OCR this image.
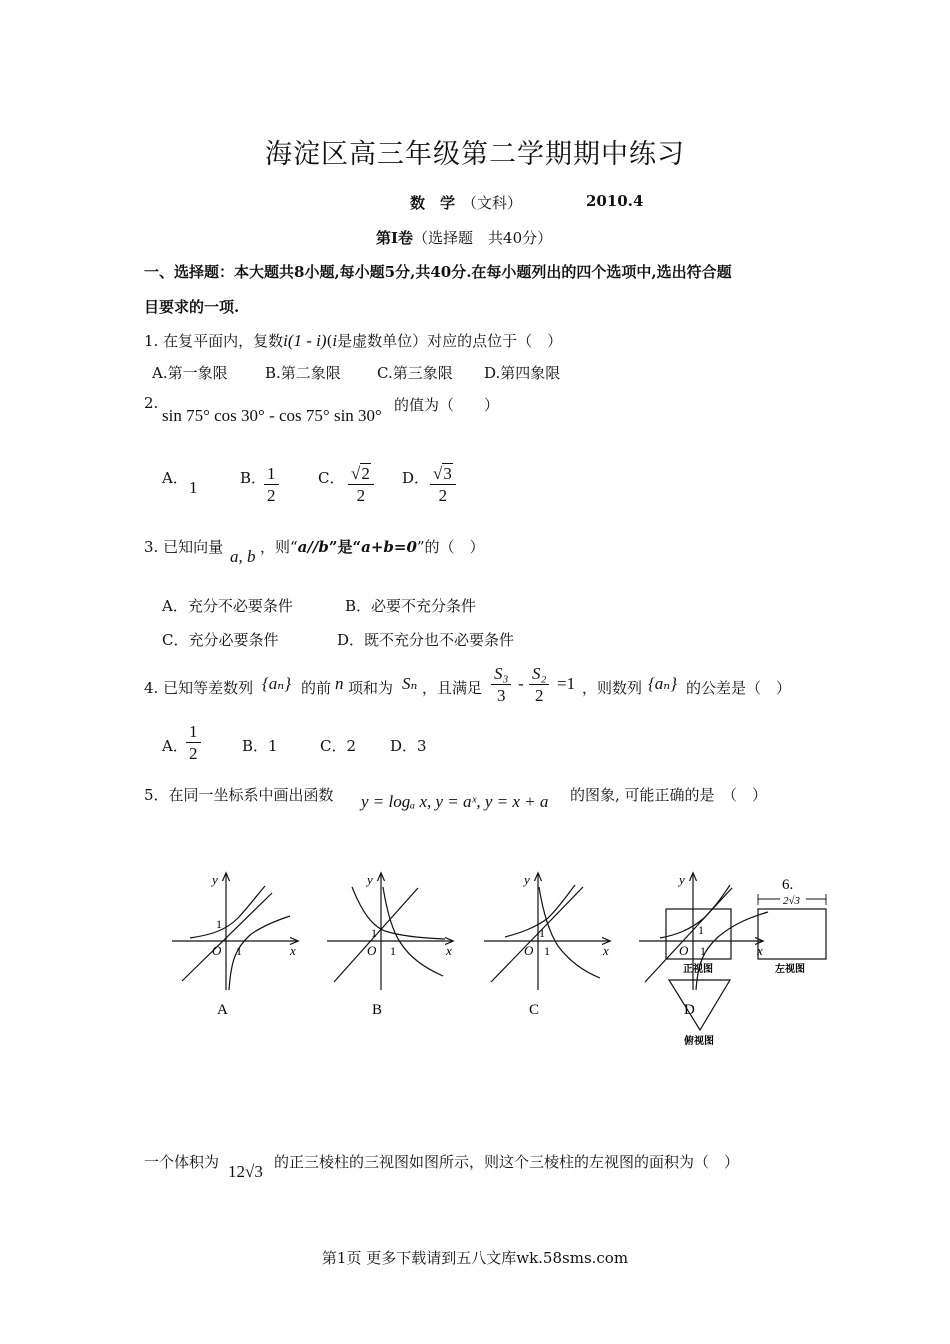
海淀区高三年级第二学期期中练习
数　学 （文科）	2010.4
第Ⅰ卷（选择题　共40分）
一、选择题：本大题共8小题,每小题5分,共40分.在每小题列出的四个选项中,选出符合题
目要求的一项.
1. 在复平面内，复数i(1 - i)(i是虚数单位）对应的点位于（　）
A.第一象限 B.第二象限 C.第三象限 D.第四象限
2.
sin 75° cos 30° - cos 75° sin 30°
的值为（　　）
A． 1	B．
$\frac{1}{2}$	C． $\frac{√2}{2}$ D． $\frac{√3}{2}$
3. 已知向量 a, b ，则“a//b”是“a+b=0”的（　）
A．充分不必要条件	B．必要不充分条件
C．充分必要条件	D．既不充分也不必要条件
4. 已知等差数列 {aₙ} 的前 n 项和为 Sₙ ，且满足 $\frac{\text{S₃}}{3} - \frac{\text{S₂}}{2} =1$ ，则数列 {aₙ} 的公差是（　）
A．
$\frac{1}{2}$	B．1	C．2 D．3
5．在同一坐标系中画出函数 y = logₐ x, y = aˣ, y = x + a 的图象, 可能正确的是　（　）
y
x
O 1
1
A
y
x
O 1
1
B
y
x
O 1
1
C
y
x
O 1
1
D
2√3
6.
正视图	左视图
俯视图
一个体积为 12√3 的正三棱柱的三视图如图所示，则这个三棱柱的左视图的面积为（　）
第1页 更多下载请到五八文库wk.58sms.com
